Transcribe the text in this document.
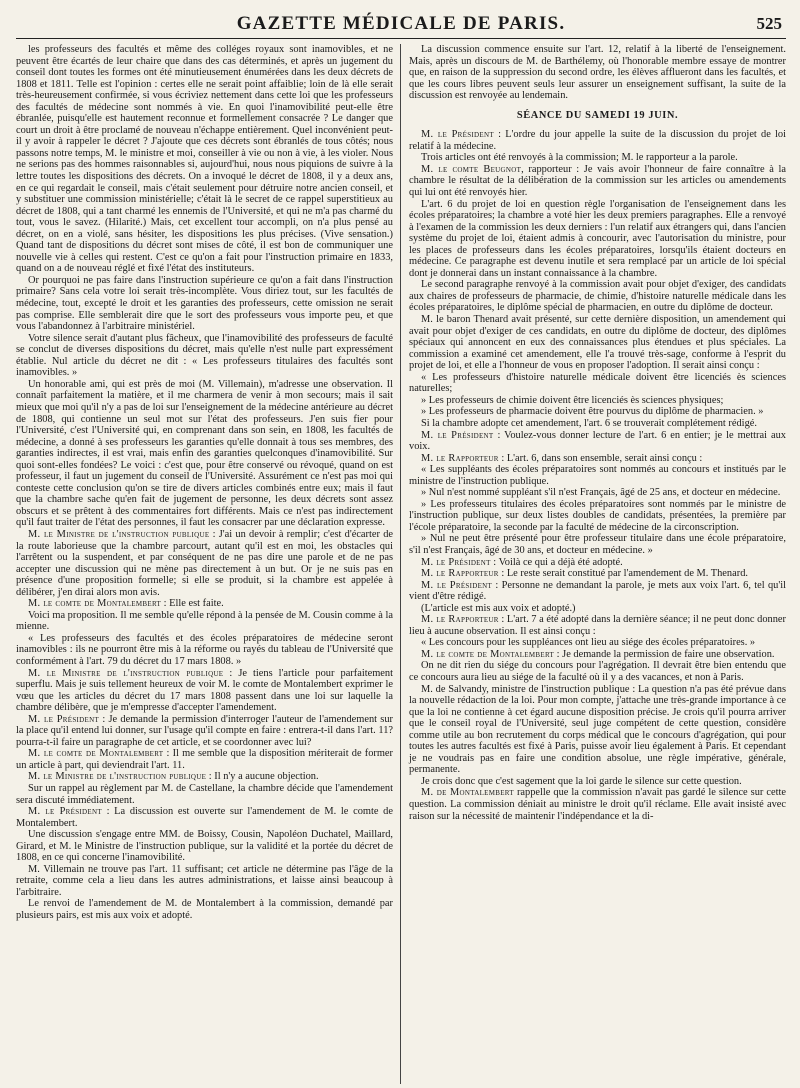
GAZETTE MÉDICALE DE PARIS.	525

les professeurs des facultés et même des colléges royaux sont inamovibles, et ne peuvent être écartés de leur chaire que dans des cas déterminés, et après un jugement du conseil dont toutes les formes ont été minutieusement énumérées dans les deux décrets de 1808 et 1811. Telle est l'opinion : certes elle ne serait point affaiblie; loin de là elle serait très-heureusement confirmée, si vous écriviez nettement dans cette loi que les professeurs des facultés de médecine sont nommés à vie. En quoi l'inamovibilité peut-elle être ébranlée, puisqu'elle est hautement reconnue et formellement consacrée ? Le danger que court un droit à être proclamé de nouveau n'échappe entièrement. Quel inconvénient peut-il y avoir à rappeler le décret ? J'ajoute que ces décrets sont ébranlés de tous côtés; nous passons notre temps, M. le ministre et moi, conseiller à vie ou non à vie, à les violer. Nous ne serions pas des hommes raisonnables si, aujourd'hui, nous nous piquions de suivre à la lettre toutes les dispositions des décrets. On a invoqué le décret de 1808, il y a deux ans, en ce qui regardait le conseil, mais c'était seulement pour détruire notre ancien conseil, et y substituer une commission ministérielle; c'était là le secret de ce rappel superstitieux au décret de 1808, qui a tant charmé les ennemis de l'Université, et qui ne m'a pas charmé du tout, vous le savez. (Hilarité.) Mais, cet excellent tour accompli, on n'a plus pensé au décret, on en a violé, sans hésiter, les dispositions les plus précises. (Vive sensation.) Quand tant de dispositions du décret sont mises de côté, il est bon de communiquer une nouvelle vie à celles qui restent. C'est ce qu'on a fait pour l'instruction primaire en 1833, quand on a de nouveau réglé et fixé l'état des instituteurs.

Or pourquoi ne pas faire dans l'instruction supérieure ce qu'on a fait dans l'instruction primaire? Sans cela votre loi serait très-incomplète. Vous diriez tout, sur les facultés de médecine, tout, excepté le droit et les garanties des professeurs, cette omission ne serait pas comprise. Elle semblerait dire que le sort des professeurs vous importe peu, et que vous l'abandonnez à l'arbitraire ministériel.

Votre silence serait d'autant plus fâcheux, que l'inamovibilité des professeurs de faculté se conclut de diverses dispositions du décret, mais qu'elle n'est nulle part expressément établie. Nul article du décret ne dit : « Les professeurs titulaires des facultés sont inamovibles. »

Un honorable ami, qui est près de moi (M. Villemain), m'adresse une observation. Il connaît parfaitement la matière, et il me charmera de venir à mon secours; mais il sait mieux que moi qu'il n'y a pas de loi sur l'enseignement de la médecine antérieure au décret de 1808, qui contienne un seul mot sur l'état des professeurs. J'en suis fier pour l'Université, c'est l'Université qui, en comprenant dans son sein, en 1808, les facultés de médecine, a donné à ses professeurs les garanties qu'elle donnait à tous ses membres, des garanties indirectes, il est vrai, mais enfin des garanties quelconques d'inamovibilité. Sur quoi sont-elles fondées? Le voici : c'est que, pour être conservé ou révoqué, quand on est professeur, il faut un jugement du conseil de l'Université. Assurément ce n'est pas moi qui conteste cette conclusion qu'on se tire de divers articles combinés entre eux; mais il faut que la chambre sache qu'en fait de jugement de personne, les deux décrets sont assez obscurs et se prêtent à des commentaires fort différents. Mais ce n'est pas indirectement qu'il faut traiter de l'état des personnes, il faut les consacrer par une déclaration expresse.

M. le Ministre de l'instruction publique : J'ai un devoir à remplir; c'est d'écarter de la route laborieuse que la chambre parcourt, autant qu'il est en moi, les obstacles qui l'arrêtent ou la suspendent, et par conséquent de ne pas dire une parole et de ne pas accepter une discussion qui ne mène pas directement à un but. Or je ne suis pas en présence d'une proposition formelle; si elle se produit, si la chambre est appelée à délibérer, j'en dirai alors mon avis.

M. le comte de Montalembert : Elle est faite.

Voici ma proposition. Il me semble qu'elle répond à la pensée de M. Cousin comme à la mienne.

« Les professeurs des facultés et des écoles préparatoires de médecine seront inamovibles : ils ne pourront être mis à la réforme ou rayés du tableau de l'Université que conformément à l'art. 79 du décret du 17 mars 1808. »

M. le Ministre de l'instruction publique : Je tiens l'article pour parfaitement superflu. Mais je suis tellement heureux de voir M. le comte de Montalembert exprimer le vœu que les articles du décret du 17 mars 1808 passent dans une loi sur laquelle la chambre délibère, que je m'empresse d'accepter l'amendement.

M. le Président : Je demande la permission d'interroger l'auteur de l'amendement sur la place qu'il entend lui donner, sur l'usage qu'il compte en faire : entrera-t-il dans l'art. 11? pourra-t-il faire un paragraphe de cet article, et se coordonner avec lui?

M. le comte de Montalembert : Il me semble que la disposition mériterait de former un article à part, qui deviendrait l'art. 11.

M. le Ministre de l'instruction publique : Il n'y a aucune objection.

Sur un rappel au règlement par M. de Castellane, la chambre décide que l'amendement sera discuté immédiatement.

M. le Président : La discussion est ouverte sur l'amendement de M. le comte de Montalembert.

Une discussion s'engage entre MM. de Boissy, Cousin, Napoléon Duchatel, Maillard, Girard, et M. le Ministre de l'instruction publique, sur la validité et la portée du décret de 1808, en ce qui concerne l'inamovibilité.

M. Villemain ne trouve pas l'art. 11 suffisant; cet article ne détermine pas l'âge de la retraite, comme cela a lieu dans les autres administrations, et laisse ainsi beaucoup à l'arbitraire.

Le renvoi de l'amendement de M. de Montalembert à la commission, demandé par plusieurs pairs, est mis aux voix et adopté.

La discussion commence ensuite sur l'art. 12, relatif à la liberté de l'enseignement. Mais, après un discours de M. de Barthélemy, où l'honorable membre essaye de montrer que, en raison de la suppression du second ordre, les élèves afflueront dans les facultés, et que les cours libres peuvent seuls leur assurer un enseignement suffisant, la suite de la discussion est renvoyée au lendemain.

SÉANCE DU SAMEDI 19 JUIN.

M. le Président : L'ordre du jour appelle la suite de la discussion du projet de loi relatif à la médecine.

Trois articles ont été renvoyés à la commission; M. le rapporteur a la parole.

M. le comte Beugnot, rapporteur : Je vais avoir l'honneur de faire connaître à la chambre le résultat de la délibération de la commission sur les articles ou amendements qui lui ont été renvoyés hier.

L'art. 6 du projet de loi en question règle l'organisation de l'enseignement dans les écoles préparatoires; la chambre a voté hier les deux premiers paragraphes. Elle a renvoyé à l'examen de la commission les deux derniers : l'un relatif aux étrangers qui, dans l'ancien système du projet de loi, étaient admis à concourir, avec l'autorisation du ministre, pour les places de professeurs dans les écoles préparatoires, lorsqu'ils étaient docteurs en médecine. Ce paragraphe est devenu inutile et sera remplacé par un article de loi spécial dont je donnerai dans un instant connaissance à la chambre.

Le second paragraphe renvoyé à la commission avait pour objet d'exiger, des candidats aux chaires de professeurs de pharmacie, de chimie, d'histoire naturelle médicale dans les écoles préparatoires, le diplôme spécial de pharmacien, en outre du diplôme de docteur.

M. le baron Thenard avait présenté, sur cette dernière disposition, un amendement qui avait pour objet d'exiger de ces candidats, en outre du diplôme de docteur, des diplômes spéciaux qui annoncent en eux des connaissances plus étendues et plus spéciales. La commission a examiné cet amendement, elle l'a trouvé très-sage, conforme à l'esprit du projet de loi, et elle a l'honneur de vous en proposer l'adoption. Il serait ainsi conçu :

« Les professeurs d'histoire naturelle médicale doivent être licenciés ès sciences naturelles;

» Les professeurs de chimie doivent être licenciés ès sciences physiques;

» Les professeurs de pharmacie doivent être pourvus du diplôme de pharmacien. »

Si la chambre adopte cet amendement, l'art. 6 se trouverait complétement rédigé.

M. le Président : Voulez-vous donner lecture de l'art. 6 en entier; je le mettrai aux voix.

M. le Rapporteur : L'art. 6, dans son ensemble, serait ainsi conçu :

« Les suppléants des écoles préparatoires sont nommés au concours et institués par le ministre de l'instruction publique.

» Nul n'est nommé suppléant s'il n'est Français, âgé de 25 ans, et docteur en médecine.

» Les professeurs titulaires des écoles préparatoires sont nommés par le ministre de l'instruction publique, sur deux listes doubles de candidats, présentées, la première par l'école préparatoire, la seconde par la faculté de médecine de la circonscription.

» Nul ne peut être présenté pour être professeur titulaire dans une école préparatoire, s'il n'est Français, âgé de 30 ans, et docteur en médecine. »

M. le Président : Voilà ce qui a déjà été adopté.

M. le Rapporteur : Le reste serait constitué par l'amendement de M. Thenard.

M. le Président : Personne ne demandant la parole, je mets aux voix l'art. 6, tel qu'il vient d'être rédigé.

(L'article est mis aux voix et adopté.)

M. le Rapporteur : L'art. 7 a été adopté dans la dernière séance; il ne peut donc donner lieu à aucune observation. Il est ainsi conçu :

« Les concours pour les suppléances ont lieu au siége des écoles préparatoires. »

M. le comte de Montalembert : Je demande la permission de faire une observation.

On ne dit rien du siége du concours pour l'agrégation. Il devrait être bien entendu que ce concours aura lieu au siége de la faculté où il y a des vacances, et non à Paris.

M. de Salvandy, ministre de l'instruction publique : La question n'a pas été prévue dans la nouvelle rédaction de la loi. Pour mon compte, j'attache une très-grande importance à ce que la loi ne contienne à cet égard aucune disposition précise. Je crois qu'il pourra arriver que le conseil royal de l'Université, seul juge compétent de cette question, considère comme utile au bon recrutement du corps médical que le concours d'agrégation, qui pour toutes les autres facultés est fixé à Paris, puisse avoir lieu également à Paris. Et cependant je ne voudrais pas en faire une condition absolue, une règle impérative, générale, permanente.

Je crois donc que c'est sagement que la loi garde le silence sur cette question.

M. de Montalembert rappelle que la commission n'avait pas gardé le silence sur cette question. La commission déniait au ministre le droit qu'il réclame. Elle avait insisté avec raison sur la nécessité de maintenir l'indépendance et la di-
